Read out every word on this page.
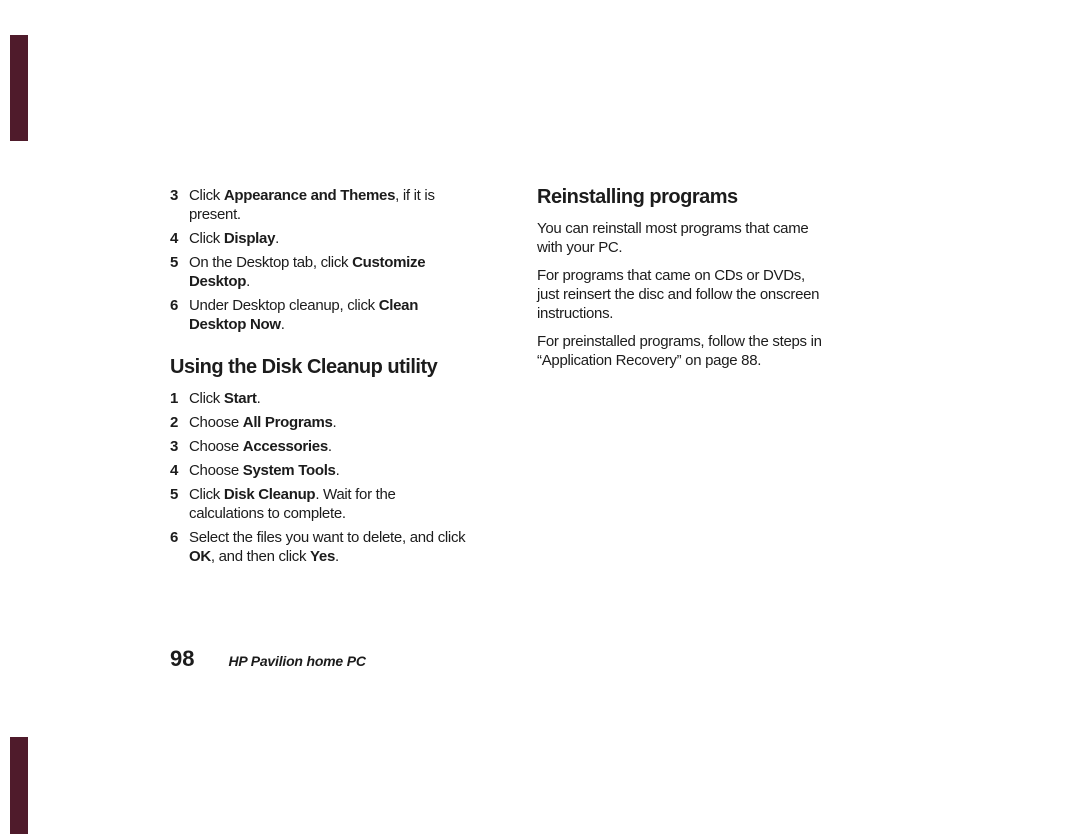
3 Click Appearance and Themes, if it is
present.
4 Click Display.
5 On the Desktop tab, click Customize
Desktop.
6 Under Desktop cleanup, click Clean
Desktop Now.
Using the Disk Cleanup utility
1 Click Start.
2 Choose All Programs.
3 Choose Accessories.
4 Choose System Tools.
5 Click Disk Cleanup. Wait for the
calculations to complete.
6 Select the files you want to delete, and click
OK, and then click Yes.
Reinstalling programs
You can reinstall most programs that came
with your PC.
For programs that came on CDs or DVDs,
just reinsert the disc and follow the onscreen
instructions.
For preinstalled programs, follow the steps in
“Application Recovery” on page 88.
98 HP Pavilion home PC
